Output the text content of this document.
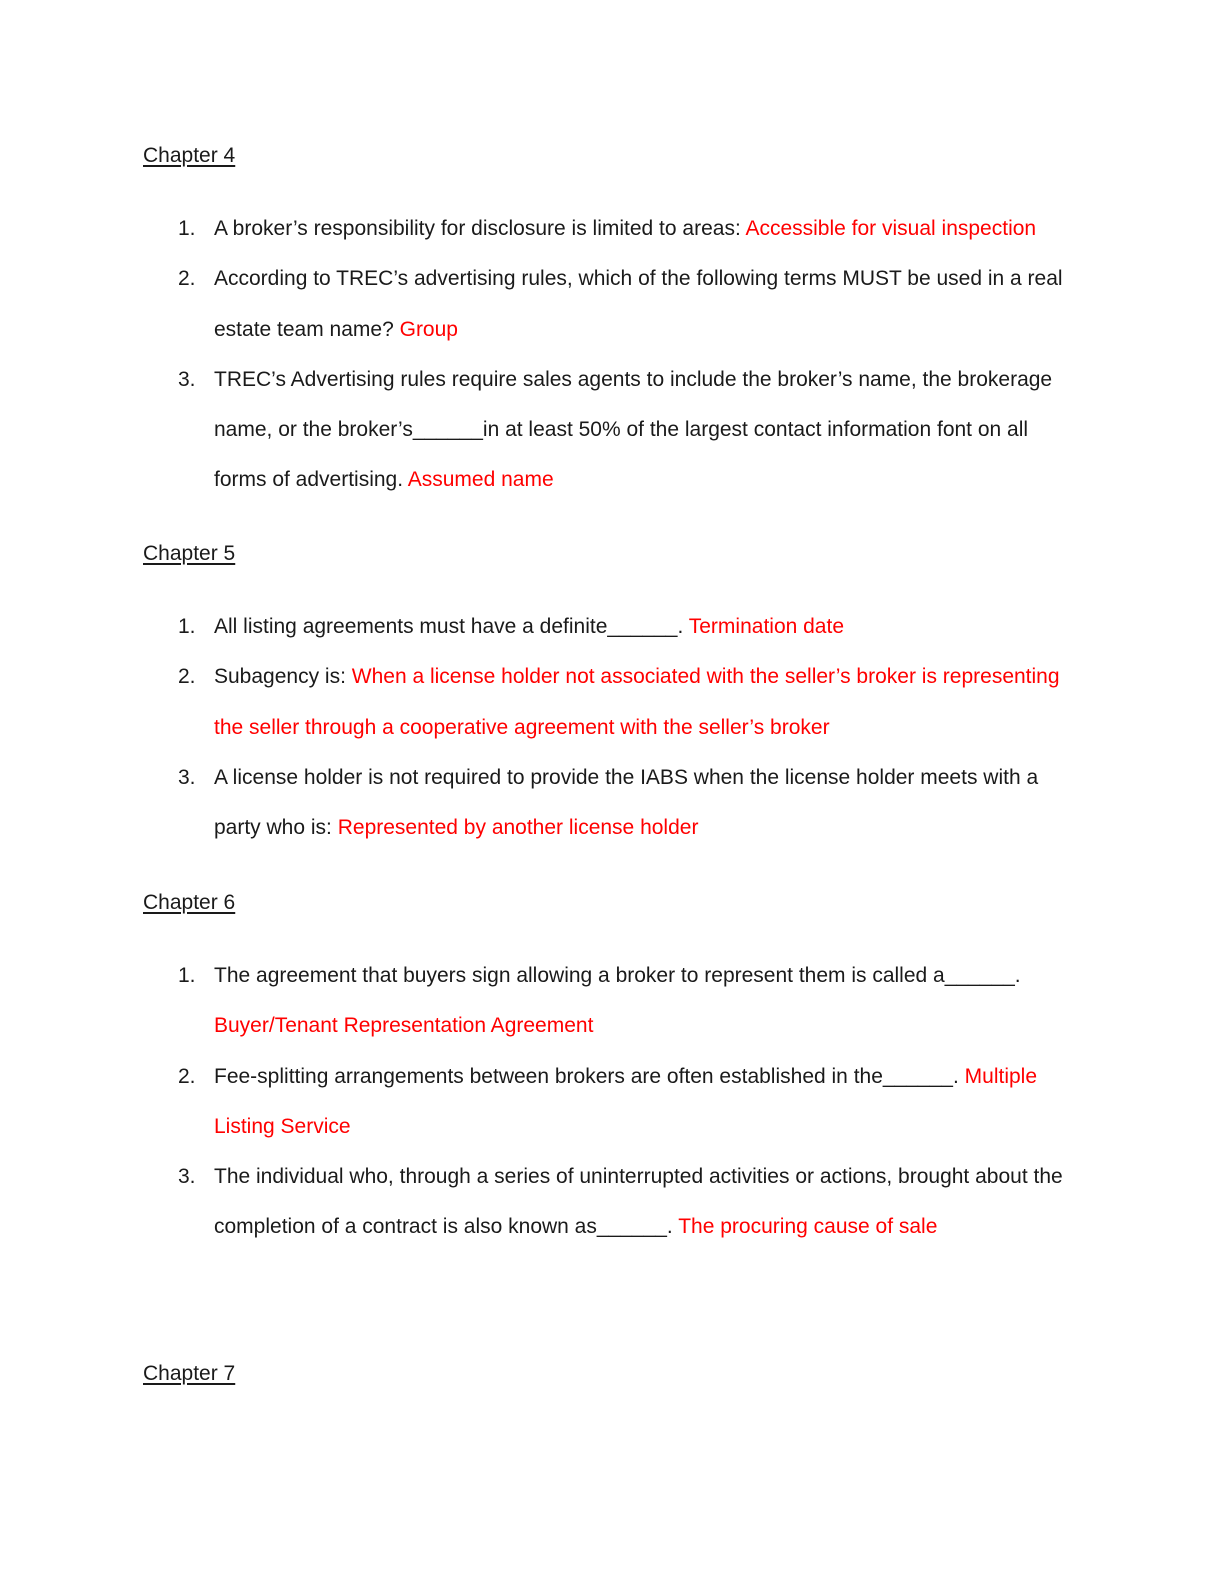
Chapter 4
1. A broker’s responsibility for disclosure is limited to areas: Accessible for visual inspection
2. According to TREC’s advertising rules, which of the following terms MUST be used in a real estate team name? Group
3. TREC’s Advertising rules require sales agents to include the broker’s name, the brokerage name, or the broker’s______in at least 50% of the largest contact information font on all forms of advertising. Assumed name
Chapter 5
1. All listing agreements must have a definite______. Termination date
2. Subagency is: When a license holder not associated with the seller’s broker is representing the seller through a cooperative agreement with the seller’s broker
3. A license holder is not required to provide the IABS when the license holder meets with a party who is: Represented by another license holder
Chapter 6
1. The agreement that buyers sign allowing a broker to represent them is called a______. Buyer/Tenant Representation Agreement
2. Fee-splitting arrangements between brokers are often established in the______. Multiple Listing Service
3. The individual who, through a series of uninterrupted activities or actions, brought about the completion of a contract is also known as______. The procuring cause of sale
Chapter 7
